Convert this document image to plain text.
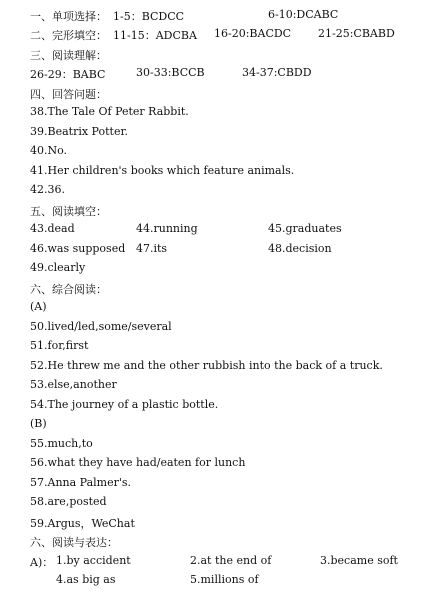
一、单项选择： 1-5：BCDCC	6-10:DCABC
二、完形填空： 11-15：ADCBA 16-20:BACDC 21-25:CBABD
三、阅读理解：
26-29：BABC	30-33:BCCB	34-37:CBDD
四、回答问题：
38.The Tale Of Peter Rabbit.
39.Beatrix Potter.
40.No.
41.Her children's books which feature animals.
42.36.
五、阅读填空：
43.dead	44.running	45.graduates
46.was supposed 47.its	48.decision
49.clearly
六、综合阅读：
(A)
50.lived/led,some/several
51.for,first
52.He threw me and the other rubbish into the back of a truck.
53.else,another
54.The journey of a plastic bottle.
(B)
55.much,to
56.what they have had/eaten for lunch
57.Anna Palmer's.
58.are,posted
59.Argus，WeChat
六、阅读与表达：
A)： 1.by accident	2.at the end of	3.became soft
4.as big as	5.millions of
